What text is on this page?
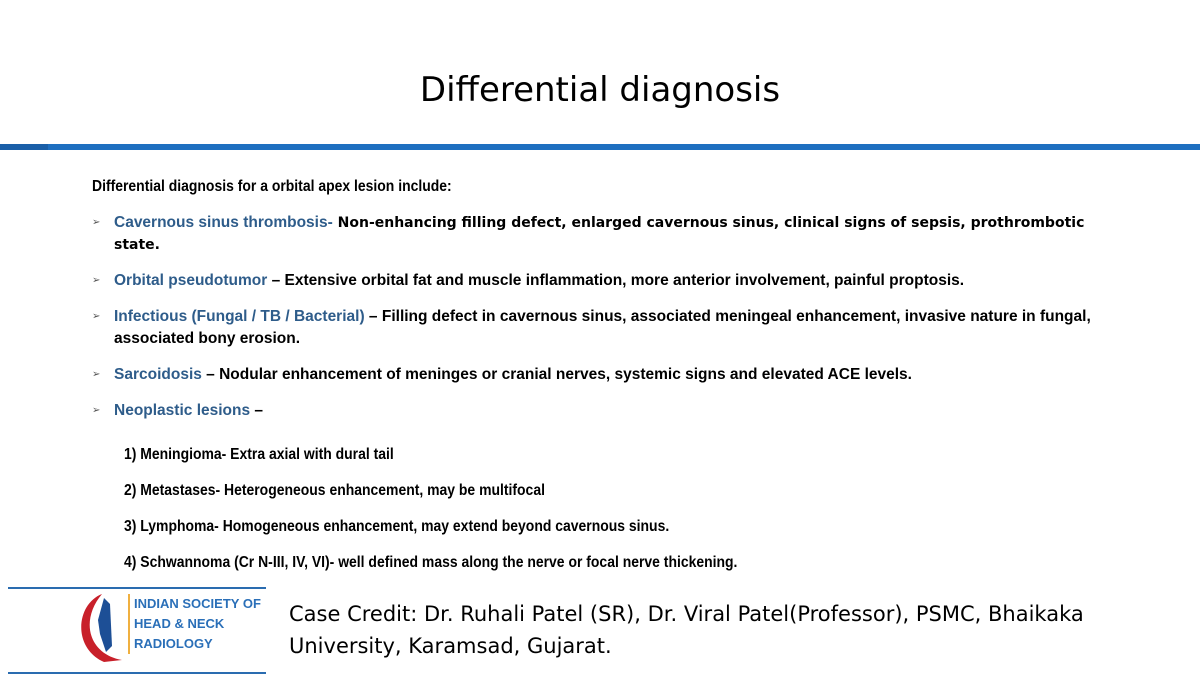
Differential diagnosis
Differential diagnosis for a orbital apex lesion include:
➢ Cavernous sinus thrombosis- Non-enhancing filling defect, enlarged cavernous sinus, clinical signs of sepsis, prothrombotic state.
➢ Orbital pseudotumor – Extensive orbital fat and muscle inflammation, more anterior involvement, painful proptosis.
➢ Infectious (Fungal / TB / Bacterial) – Filling defect in cavernous sinus, associated meningeal enhancement, invasive nature in fungal, associated bony erosion.
➢ Sarcoidosis – Nodular enhancement of meninges or cranial nerves, systemic signs and elevated ACE levels.
➢ Neoplastic lesions –
1) Meningioma- Extra axial with dural tail
2) Metastases- Heterogeneous enhancement, may be multifocal
3) Lymphoma- Homogeneous enhancement, may extend beyond cavernous sinus.
4) Schwannoma (Cr N-III, IV, VI)- well defined mass along the nerve or focal nerve thickening.
INDIAN SOCIETY OF
HEAD & NECK
RADIOLOGY
Case Credit: Dr. Ruhali Patel (SR), Dr. Viral Patel(Professor), PSMC, Bhaikaka University, Karamsad, Gujarat.
